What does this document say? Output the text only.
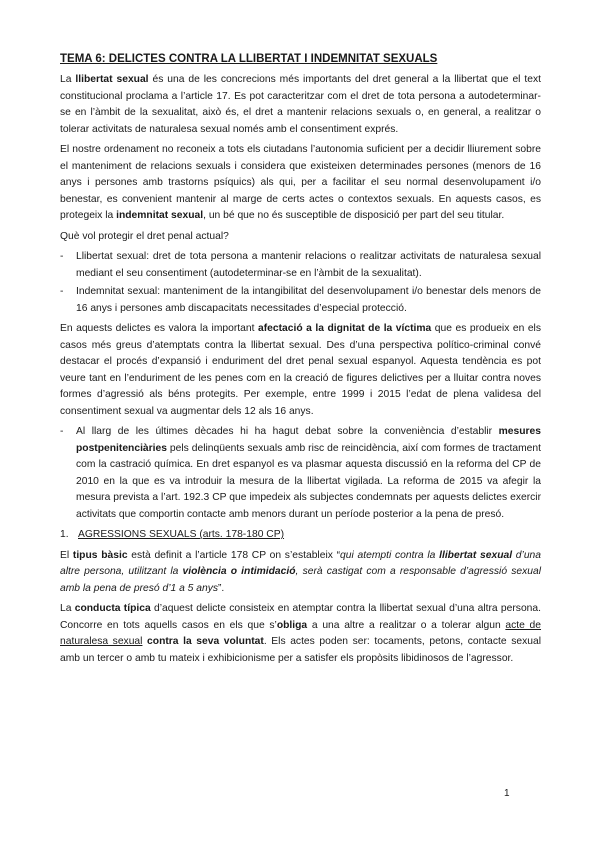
TEMA 6: DELICTES CONTRA LA LLIBERTAT I INDEMNITAT SEXUALS

La llibertat sexual és una de les concrecions més importants del dret general a la llibertat que el text constitucional proclama a l’article 17. Es pot caracteritzar com el dret de tota persona a autodeterminar-se en l’àmbit de la sexualitat, això és, el dret a mantenir relacions sexuals o, en general, a realitzar o tolerar activitats de naturalesa sexual només amb el consentiment exprés.

El nostre ordenament no reconeix a tots els ciutadans l’autonomia suficient per a decidir lliurement sobre el manteniment de relacions sexuals i considera que existeixen determinades persones (menors de 16 anys i persones amb trastorns psíquics) als qui, per a facilitar el seu normal desenvolupament i/o benestar, es convenient mantenir al marge de certs actes o contextos sexuals. En aquests casos, es protegeix la indemnitat sexual, un bé que no és susceptible de disposició per part del seu titular.

Què vol protegir el dret penal actual?

- Llibertat sexual: dret de tota persona a mantenir relacions o realitzar activitats de naturalesa sexual mediant el seu consentiment (autodeterminar-se en l’àmbit de la sexualitat).
- Indemnitat sexual: manteniment de la intangibilitat del desenvolupament i/o benestar dels menors de 16 anys i persones amb discapacitats necessitades d’especial protecció.

En aquests delictes es valora la important afectació a la dignitat de la víctima que es produeix en els casos més greus d’atemptats contra la llibertat sexual. Des d’una perspectiva político-criminal convé destacar el procés d’expansió i enduriment del dret penal sexual espanyol. Aquesta tendència es pot veure tant en l’enduriment de les penes com en la creació de figures delictives per a lluitar contra noves formes d’agressió als béns protegits. Per exemple, entre 1999 i 2015 l’edat de plena validesa del consentiment sexual va augmentar dels 12 als 16 anys.

- Al llarg de les últimes dècades hi ha hagut debat sobre la conveniència d’establir mesures postpenitenciàries pels delinqüents sexuals amb risc de reincidència, així com formes de tractament com la castració química. En dret espanyol es va plasmar aquesta discussió en la reforma del CP de 2010 en la que es va introduir la mesura de la llibertat vigilada. La reforma de 2015 va afegir la mesura prevista a l’art. 192.3 CP que impedeix als subjectes condemnats per aquests delictes exercir activitats que comportin contacte amb menors durant un període posterior a la pena de presó.
1. AGRESSIONS SEXUALS (arts. 178-180 CP)

El tipus bàsic està definit a l’article 178 CP on s’estableix “qui atempti contra la llibertat sexual d’una altre persona, utilitzant la violència o intimidació, serà castigat com a responsable d’agressió sexual amb la pena de presó d’1 a 5 anys”.

La conducta típica d’aquest delicte consisteix en atemptar contra la llibertat sexual d’una altra persona. Concorre en tots aquells casos en els que s’obliga a una altre a realitzar o a tolerar algun acte de naturalesa sexual contra la seva voluntat. Els actes poden ser: tocaments, petons, contacte sexual amb un tercer o amb tu mateix i exhibicionisme per a satisfer els propòsits libidinosos de l’agressor.

1
